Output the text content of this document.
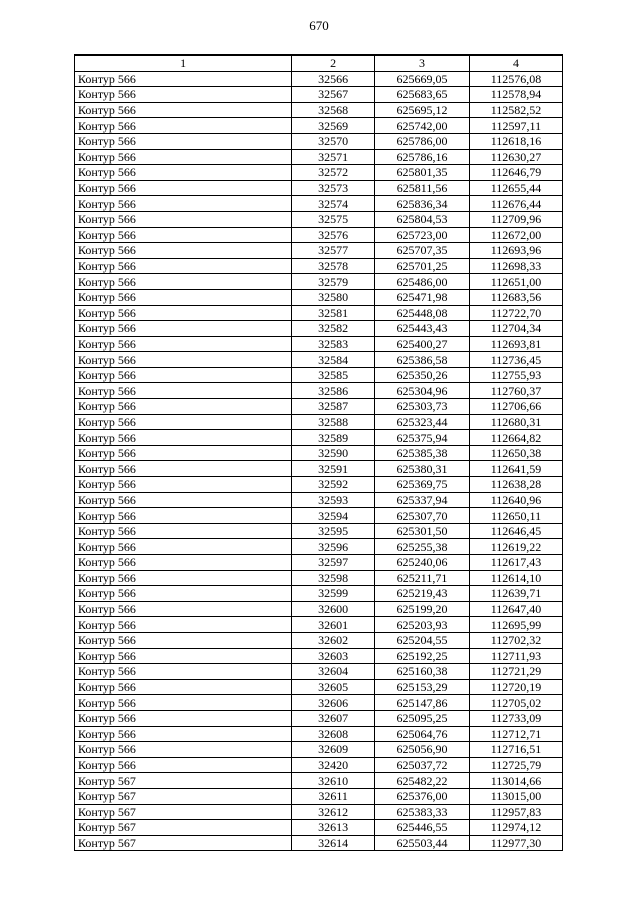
670
1	2	3	4
Контур 566	32566	625669,05	112576,08
Контур 566	32567	625683,65	112578,94
Контур 566	32568	625695,12	112582,52
Контур 566	32569	625742,00	112597,11
Контур 566	32570	625786,00	112618,16
Контур 566	32571	625786,16	112630,27
Контур 566	32572	625801,35	112646,79
Контур 566	32573	625811,56	112655,44
Контур 566	32574	625836,34	112676,44
Контур 566	32575	625804,53	112709,96
Контур 566	32576	625723,00	112672,00
Контур 566	32577	625707,35	112693,96
Контур 566	32578	625701,25	112698,33
Контур 566	32579	625486,00	112651,00
Контур 566	32580	625471,98	112683,56
Контур 566	32581	625448,08	112722,70
Контур 566	32582	625443,43	112704,34
Контур 566	32583	625400,27	112693,81
Контур 566	32584	625386,58	112736,45
Контур 566	32585	625350,26	112755,93
Контур 566	32586	625304,96	112760,37
Контур 566	32587	625303,73	112706,66
Контур 566	32588	625323,44	112680,31
Контур 566	32589	625375,94	112664,82
Контур 566	32590	625385,38	112650,38
Контур 566	32591	625380,31	112641,59
Контур 566	32592	625369,75	112638,28
Контур 566	32593	625337,94	112640,96
Контур 566	32594	625307,70	112650,11
Контур 566	32595	625301,50	112646,45
Контур 566	32596	625255,38	112619,22
Контур 566	32597	625240,06	112617,43
Контур 566	32598	625211,71	112614,10
Контур 566	32599	625219,43	112639,71
Контур 566	32600	625199,20	112647,40
Контур 566	32601	625203,93	112695,99
Контур 566	32602	625204,55	112702,32
Контур 566	32603	625192,25	112711,93
Контур 566	32604	625160,38	112721,29
Контур 566	32605	625153,29	112720,19
Контур 566	32606	625147,86	112705,02
Контур 566	32607	625095,25	112733,09
Контур 566	32608	625064,76	112712,71
Контур 566	32609	625056,90	112716,51
Контур 566	32420	625037,72	112725,79
Контур 567	32610	625482,22	113014,66
Контур 567	32611	625376,00	113015,00
Контур 567	32612	625383,33	112957,83
Контур 567	32613	625446,55	112974,12
Контур 567	32614	625503,44	112977,30
